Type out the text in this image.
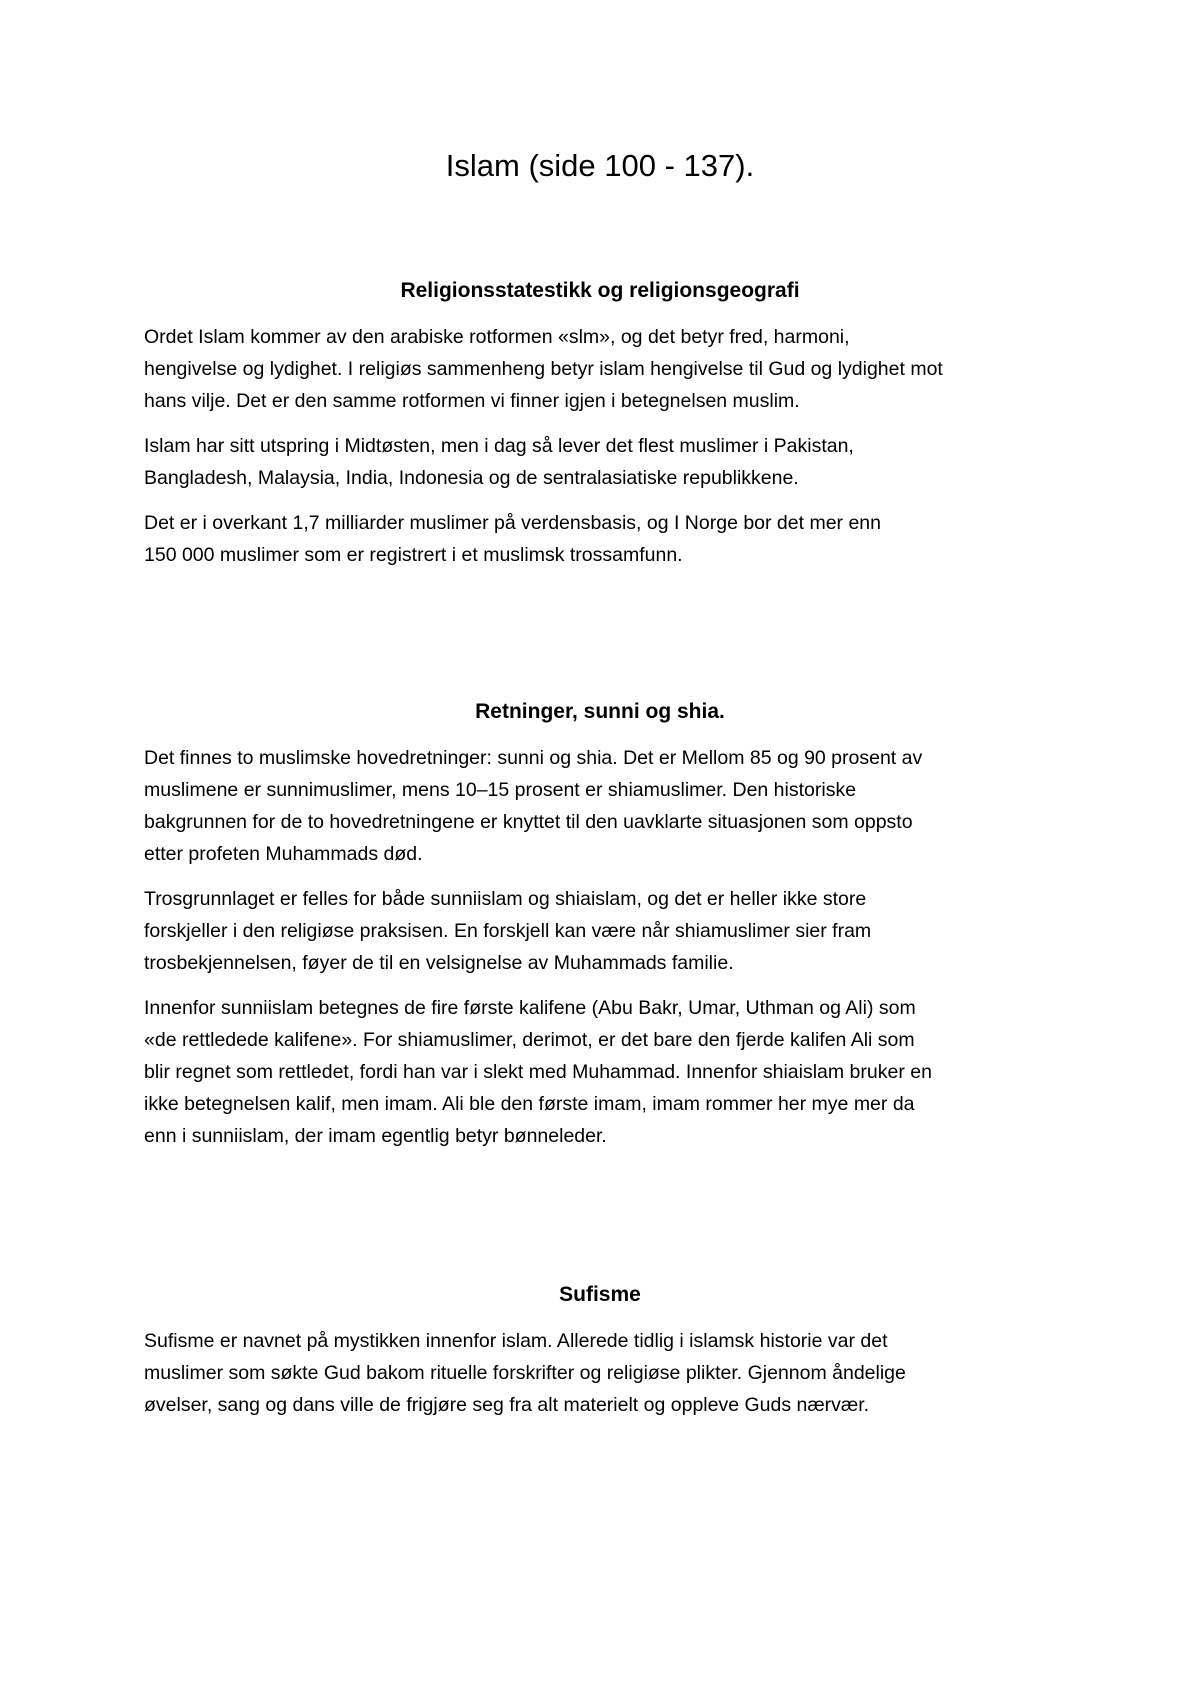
Islam (side 100 - 137).
Religionsstatestikk og religionsgeografi

Ordet Islam kommer av den arabiske rotformen «slm», og det betyr fred, harmoni,
hengivelse og lydighet. I religiøs sammenheng betyr islam hengivelse til Gud og lydighet mot
hans vilje. Det er den samme rotformen vi finner igjen i betegnelsen muslim.

Islam har sitt utspring i Midtøsten, men i dag så lever det flest muslimer i Pakistan,
Bangladesh, Malaysia, India, Indonesia og de sentralasiatiske republikkene.

Det er i overkant 1,7 milliarder muslimer på verdensbasis, og I Norge bor det mer enn
150 000 muslimer som er registrert i et muslimsk trossamfunn.

Retninger, sunni og shia.

Det finnes to muslimske hovedretninger: sunni og shia. Det er Mellom 85 og 90 prosent av
muslimene er sunnimuslimer, mens 10–15 prosent er shiamuslimer. Den historiske
bakgrunnen for de to hovedretningene er knyttet til den uavklarte situasjonen som oppsto
etter profeten Muhammads død.

Trosgrunnlaget er felles for både sunniislam og shiaislam, og det er heller ikke store
forskjeller i den religiøse praksisen. En forskjell kan være når shiamuslimer sier fram
trosbekjennelsen, føyer de til en velsignelse av Muhammads familie.

Innenfor sunniislam betegnes de fire første kalifene (Abu Bakr, Umar, Uthman og Ali) som
«de rettledede kalifene». For shiamuslimer, derimot, er det bare den fjerde kalifen Ali som
blir regnet som rettledet, fordi han var i slekt med Muhammad. Innenfor shiaislam bruker en
ikke betegnelsen kalif, men imam. Ali ble den første imam, imam rommer her mye mer da
enn i sunniislam, der imam egentlig betyr bønneleder.

Sufisme

Sufisme er navnet på mystikken innenfor islam. Allerede tidlig i islamsk historie var det
muslimer som søkte Gud bakom rituelle forskrifter og religiøse plikter. Gjennom åndelige
øvelser, sang og dans ville de frigjøre seg fra alt materielt og oppleve Guds nærvær.
